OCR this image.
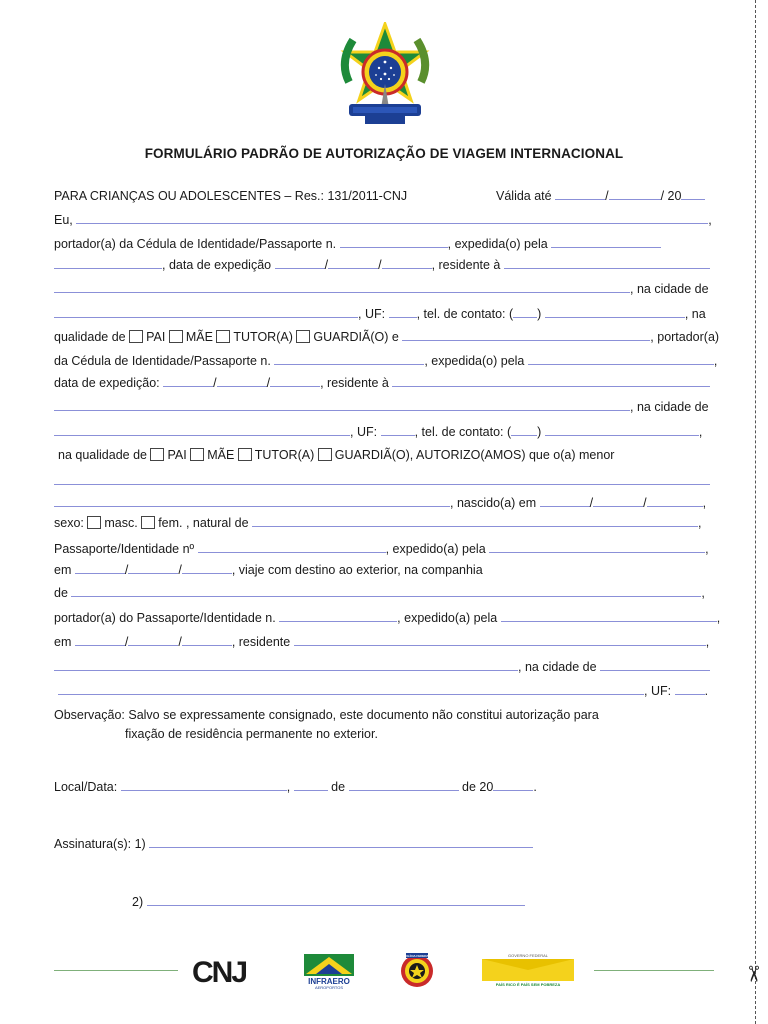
✂
FORMULÁRIO PADRÃO DE AUTORIZAÇÃO DE VIAGEM INTERNACIONAL
PARA CRIANÇAS OU ADOLESCENTES – Res.: 131/2011-CNJ	Válida até	/	/ 20
Eu,	,
portador(a) da Cédula de Identidade/Passaporte n.	, expedida(o) pela
, data de expedição	/	/	, residente à
, na cidade de
, UF:	, tel. de contato: ( )	, na
qualidade de PAI MÃE TUTOR(A) GUARDIÃ(O) e	, portador(a)
da Cédula de Identidade/Passaporte n.	, expedida(o) pela	,
data de expedição:	/	/	, residente à
, na cidade de
, UF:	, tel. de contato: ( )	,
na qualidade de PAI MÃE TUTOR(A) GUARDIÃ(O), AUTORIZO(AMOS) que o(a) menor
, nascido(a) em	/	/	,
sexo: masc. fem. , natural de	,
Passaporte/Identidade nº	, expedido(a) pela	,
em	/	/	, viaje com destino ao exterior, na companhia
de	,
portador(a) do Passaporte/Identidade n.	, expedido(a) pela	,
em	/	/	, residente	,
, na cidade de
, UF:	.
Observação: Salvo se expressamente consignado, este documento não constitui autorização para
fixação de residência permanente no exterior.
Local/Data:	,	de	de 20	.
Assinatura(s): 1)
2)
CNJ	INFRAERO
AEROPORTOS
POLÍCIA FEDERAL	GOVERNO FEDERAL
PAÍS RICO É PAÍS SEM POBREZA
